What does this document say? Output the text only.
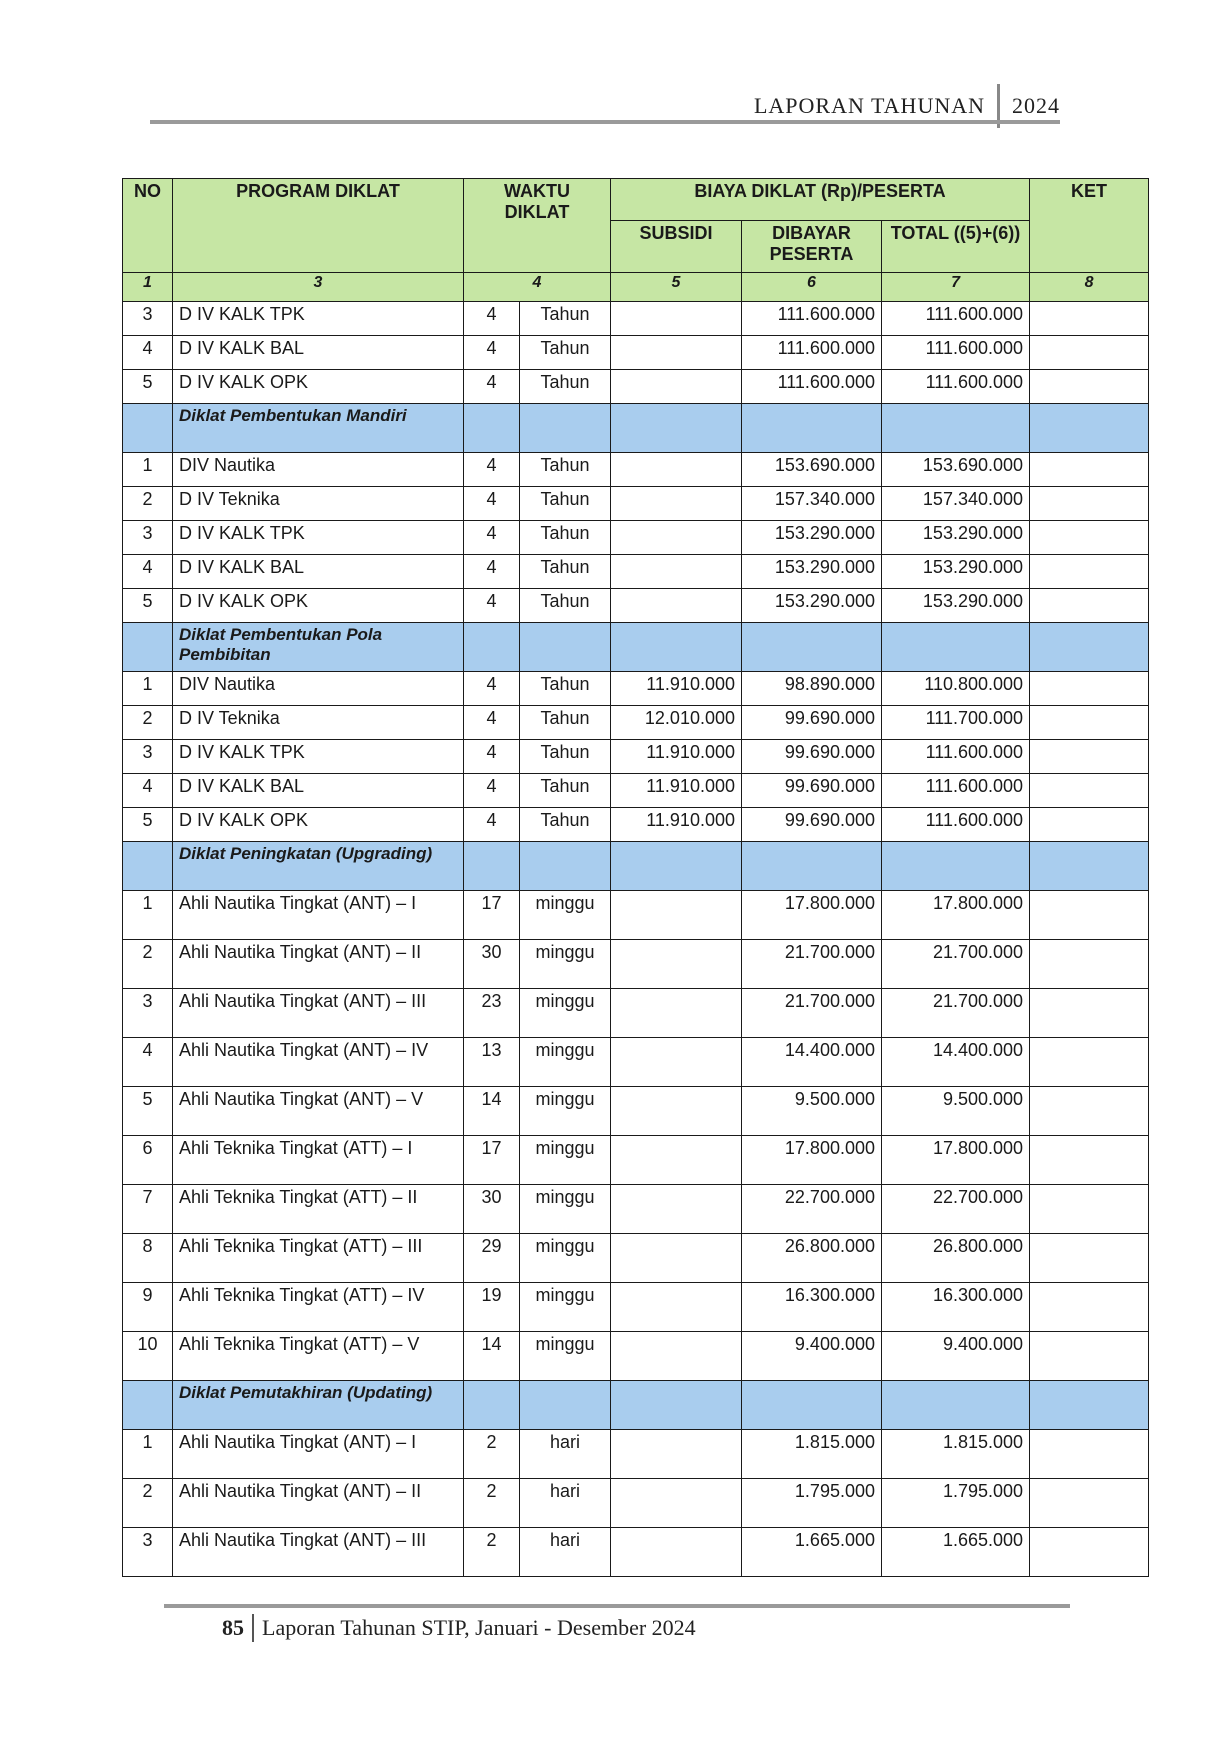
LAPORAN TAHUNAN 2024
NO	PROGRAM DIKLAT	WAKTU DIKLAT		BIAYA DIKLAT (Rp)/PESERTA			KET
				SUBSIDI	DIBAYAR PESERTA	TOTAL ((5)+(6))	
1	3	4		5	6	7	8
3	D IV KALK TPK	4	Tahun		111.600.000	111.600.000	
4	D IV KALK BAL	4	Tahun		111.600.000	111.600.000	
5	D IV KALK OPK	4	Tahun		111.600.000	111.600.000	
	Diklat Pembentukan Mandiri						
1	DIV Nautika	4	Tahun		153.690.000	153.690.000	
2	D IV Teknika	4	Tahun		157.340.000	157.340.000	
3	D IV KALK TPK	4	Tahun		153.290.000	153.290.000	
4	D IV KALK BAL	4	Tahun		153.290.000	153.290.000	
5	D IV KALK OPK	4	Tahun		153.290.000	153.290.000	
	Diklat Pembentukan Pola Pembibitan						
1	DIV Nautika	4	Tahun	11.910.000	98.890.000	110.800.000	
2	D IV Teknika	4	Tahun	12.010.000	99.690.000	111.700.000	
3	D IV KALK TPK	4	Tahun	11.910.000	99.690.000	111.600.000	
4	D IV KALK BAL	4	Tahun	11.910.000	99.690.000	111.600.000	
5	D IV KALK OPK	4	Tahun	11.910.000	99.690.000	111.600.000	
	Diklat Peningkatan (Upgrading)						
1	Ahli Nautika Tingkat (ANT) – I	17	minggu		17.800.000	17.800.000	
2	Ahli Nautika Tingkat (ANT) – II	30	minggu		21.700.000	21.700.000	
3	Ahli Nautika Tingkat (ANT) – III	23	minggu		21.700.000	21.700.000	
4	Ahli Nautika Tingkat (ANT) – IV	13	minggu		14.400.000	14.400.000	
5	Ahli Nautika Tingkat (ANT) – V	14	minggu		9.500.000	9.500.000	
6	Ahli Teknika Tingkat (ATT) – I	17	minggu		17.800.000	17.800.000	
7	Ahli Teknika Tingkat (ATT) – II	30	minggu		22.700.000	22.700.000	
8	Ahli Teknika Tingkat (ATT) – III	29	minggu		26.800.000	26.800.000	
9	Ahli Teknika Tingkat (ATT) – IV	19	minggu		16.300.000	16.300.000	
10	Ahli Teknika Tingkat (ATT) – V	14	minggu		9.400.000	9.400.000	
	Diklat Pemutakhiran (Updating)						
1	Ahli Nautika Tingkat (ANT) – I	2	hari		1.815.000	1.815.000	
2	Ahli Nautika Tingkat (ANT) – II	2	hari		1.795.000	1.795.000	
3	Ahli Nautika Tingkat (ANT) – III	2	hari		1.665.000	1.665.000	
85 Laporan Tahunan STIP, Januari - Desember 2024
